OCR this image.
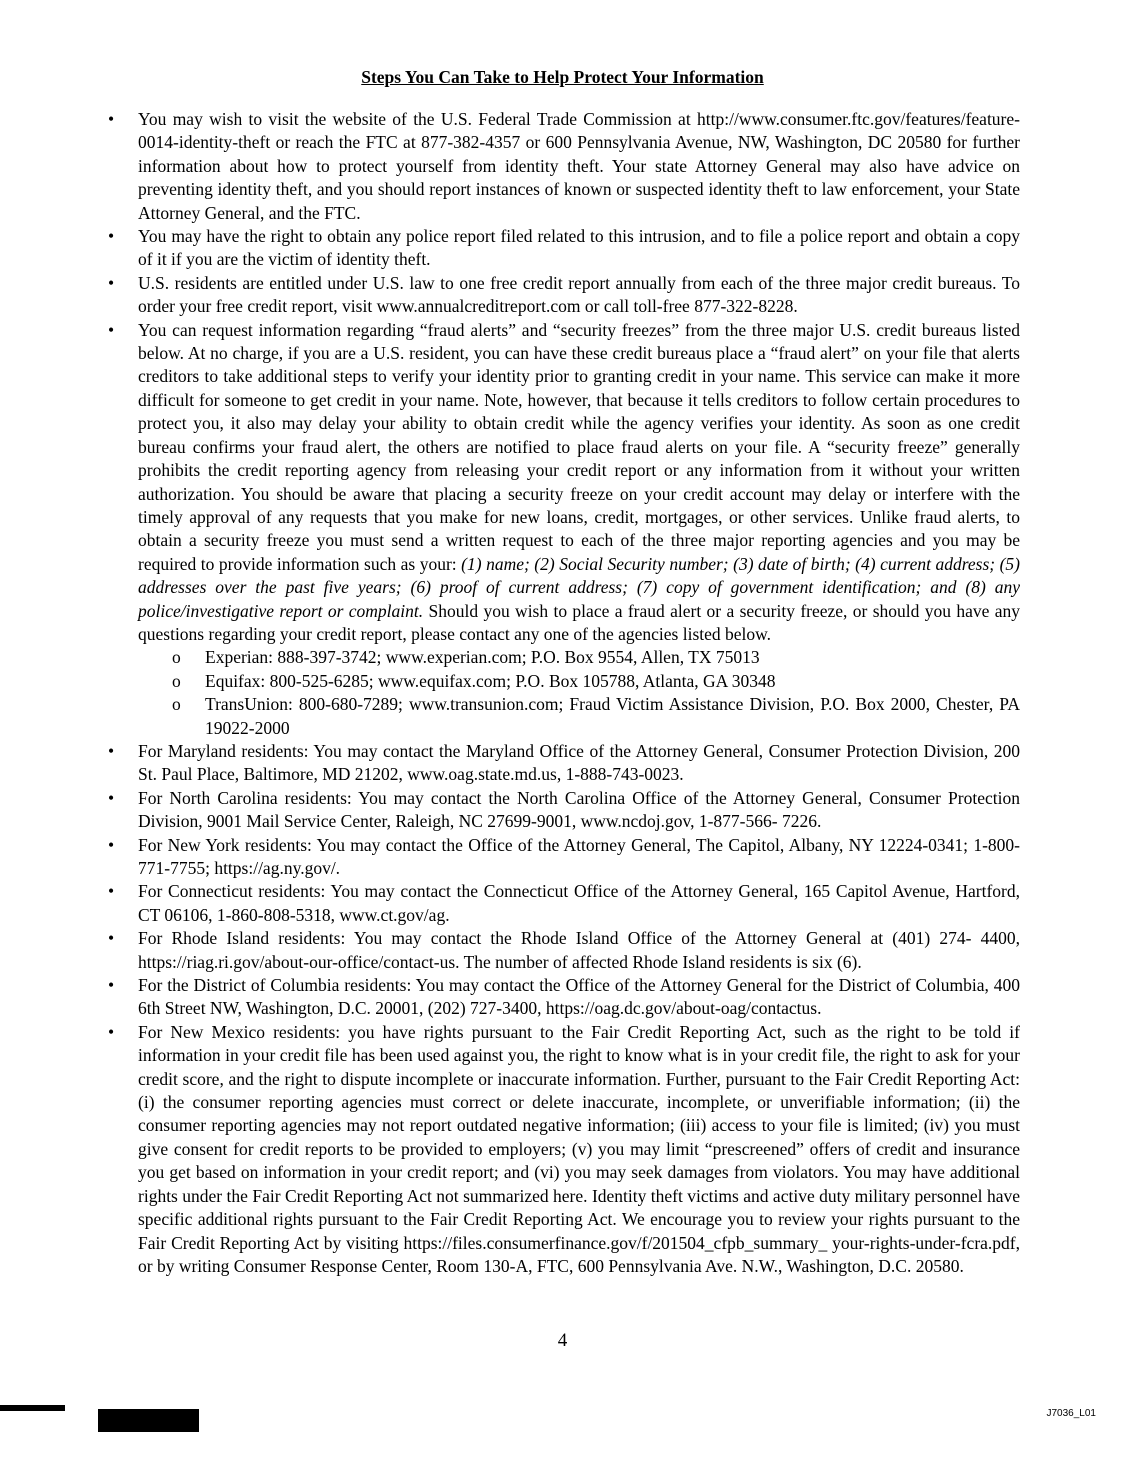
Steps You Can Take to Help Protect Your Information
• You may wish to visit the website of the U.S. Federal Trade Commission at http://www.consumer.ftc.gov/features/feature-0014-identity-theft or reach the FTC at 877-382-4357 or 600 Pennsylvania Avenue, NW, Washington, DC 20580 for further information about how to protect yourself from identity theft. Your state Attorney General may also have advice on preventing identity theft, and you should report instances of known or suspected identity theft to law enforcement, your State Attorney General, and the FTC.
• You may have the right to obtain any police report filed related to this intrusion, and to file a police report and obtain a copy of it if you are the victim of identity theft.
• U.S. residents are entitled under U.S. law to one free credit report annually from each of the three major credit bureaus. To order your free credit report, visit www.annualcreditreport.com or call toll-free 877-322-8228.
• You can request information regarding “fraud alerts” and “security freezes” from the three major U.S. credit bureaus listed below. At no charge, if you are a U.S. resident, you can have these credit bureaus place a “fraud alert” on your file that alerts creditors to take additional steps to verify your identity prior to granting credit in your name. This service can make it more difficult for someone to get credit in your name. Note, however, that because it tells creditors to follow certain procedures to protect you, it also may delay your ability to obtain credit while the agency verifies your identity. As soon as one credit bureau confirms your fraud alert, the others are notified to place fraud alerts on your file. A “security freeze” generally prohibits the credit reporting agency from releasing your credit report or any information from it without your written authorization. You should be aware that placing a security freeze on your credit account may delay or interfere with the timely approval of any requests that you make for new loans, credit, mortgages, or other services. Unlike fraud alerts, to obtain a security freeze you must send a written request to each of the three major reporting agencies and you may be required to provide information such as your: (1) name; (2) Social Security number; (3) date of birth; (4) current address; (5) addresses over the past five years; (6) proof of current address; (7) copy of government identification; and (8) any police/investigative report or complaint. Should you wish to place a fraud alert or a security freeze, or should you have any questions regarding your credit report, please contact any one of the agencies listed below.
o Experian: 888-397-3742; www.experian.com; P.O. Box 9554, Allen, TX 75013
o Equifax: 800-525-6285; www.equifax.com; P.O. Box 105788, Atlanta, GA 30348
o TransUnion: 800-680-7289; www.transunion.com; Fraud Victim Assistance Division, P.O. Box 2000, Chester, PA 19022-2000
• For Maryland residents: You may contact the Maryland Office of the Attorney General, Consumer Protection Division, 200 St. Paul Place, Baltimore, MD 21202, www.oag.state.md.us, 1-888-743-0023.
• For North Carolina residents: You may contact the North Carolina Office of the Attorney General, Consumer Protection Division, 9001 Mail Service Center, Raleigh, NC 27699-9001, www.ncdoj.gov, 1-877-566- 7226.
• For New York residents: You may contact the Office of the Attorney General, The Capitol, Albany, NY 12224-0341; 1-800-771-7755; https://ag.ny.gov/.
• For Connecticut residents: You may contact the Connecticut Office of the Attorney General, 165 Capitol Avenue, Hartford, CT 06106, 1-860-808-5318, www.ct.gov/ag.
• For Rhode Island residents: You may contact the Rhode Island Office of the Attorney General at (401) 274- 4400, https://riag.ri.gov/about-our-office/contact-us. The number of affected Rhode Island residents is six (6).
• For the District of Columbia residents: You may contact the Office of the Attorney General for the District of Columbia, 400 6th Street NW, Washington, D.C. 20001, (202) 727-3400, https://oag.dc.gov/about-oag/contactus.
• For New Mexico residents: you have rights pursuant to the Fair Credit Reporting Act, such as the right to be told if information in your credit file has been used against you, the right to know what is in your credit file, the right to ask for your credit score, and the right to dispute incomplete or inaccurate information. Further, pursuant to the Fair Credit Reporting Act: (i) the consumer reporting agencies must correct or delete inaccurate, incomplete, or unverifiable information; (ii) the consumer reporting agencies may not report outdated negative information; (iii) access to your file is limited; (iv) you must give consent for credit reports to be provided to employers; (v) you may limit “prescreened” offers of credit and insurance you get based on information in your credit report; and (vi) you may seek damages from violators. You may have additional rights under the Fair Credit Reporting Act not summarized here. Identity theft victims and active duty military personnel have specific additional rights pursuant to the Fair Credit Reporting Act. We encourage you to review your rights pursuant to the Fair Credit Reporting Act by visiting https://files.consumerfinance.gov/f/201504_cfpb_summary_ your-rights-under-fcra.pdf, or by writing Consumer Response Center, Room 130-A, FTC, 600 Pennsylvania Ave. N.W., Washington, D.C. 20580.
4
J7036_L01
